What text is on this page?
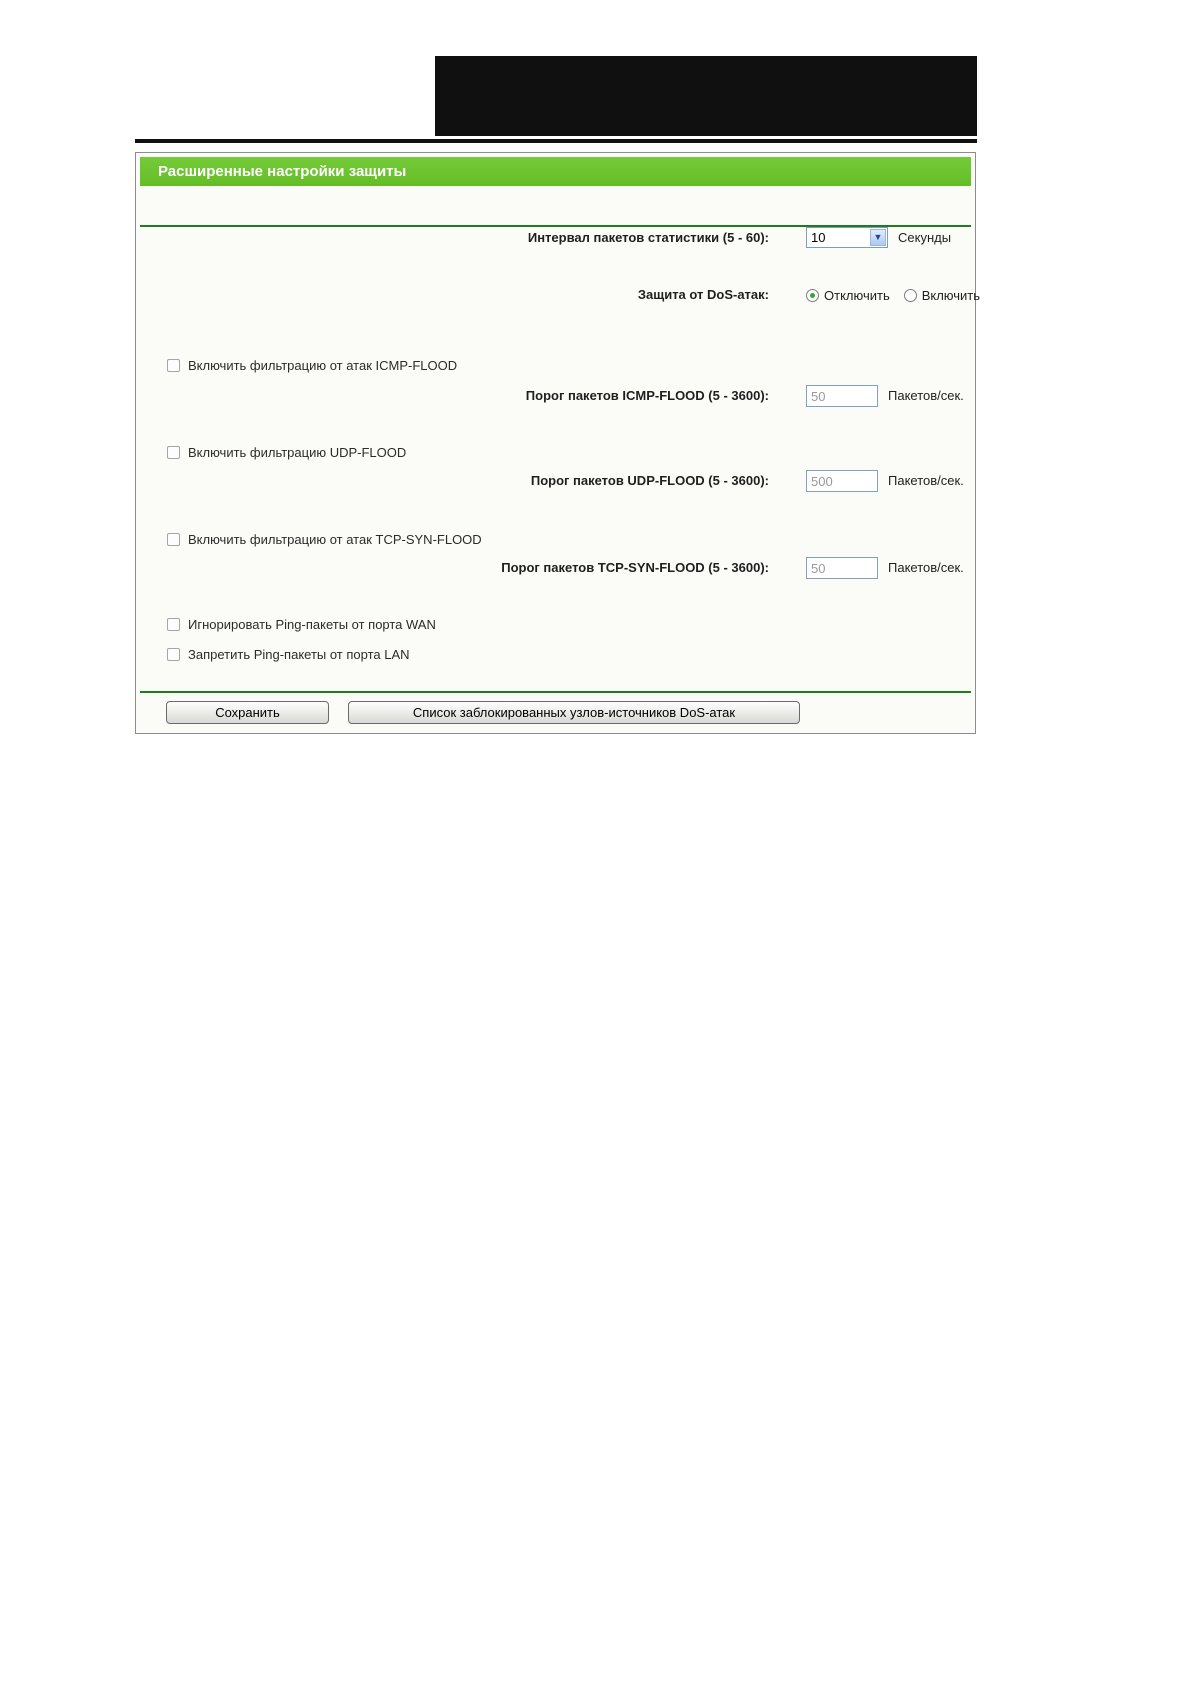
Расширенные настройки защиты
Интервал пакетов статистики (5 - 60):	10	▼ Секунды
Защита от DoS-атак:	Отключить Включить
Включить фильтрацию от атак ICMP-FLOOD
Порог пакетов ICMP-FLOOD (5 - 3600):
50	Пакетов/сек.
Включить фильтрацию UDP-FLOOD
Порог пакетов UDP-FLOOD (5 - 3600):
500	Пакетов/сек.
Включить фильтрацию от атак TCP-SYN-FLOOD
Порог пакетов TCP-SYN-FLOOD (5 - 3600):
50	Пакетов/сек.
Игнорировать Ping-пакеты от порта WAN
Запретить Ping-пакеты от порта LAN
Сохранить	Список заблокированных узлов-источников DoS-атак
